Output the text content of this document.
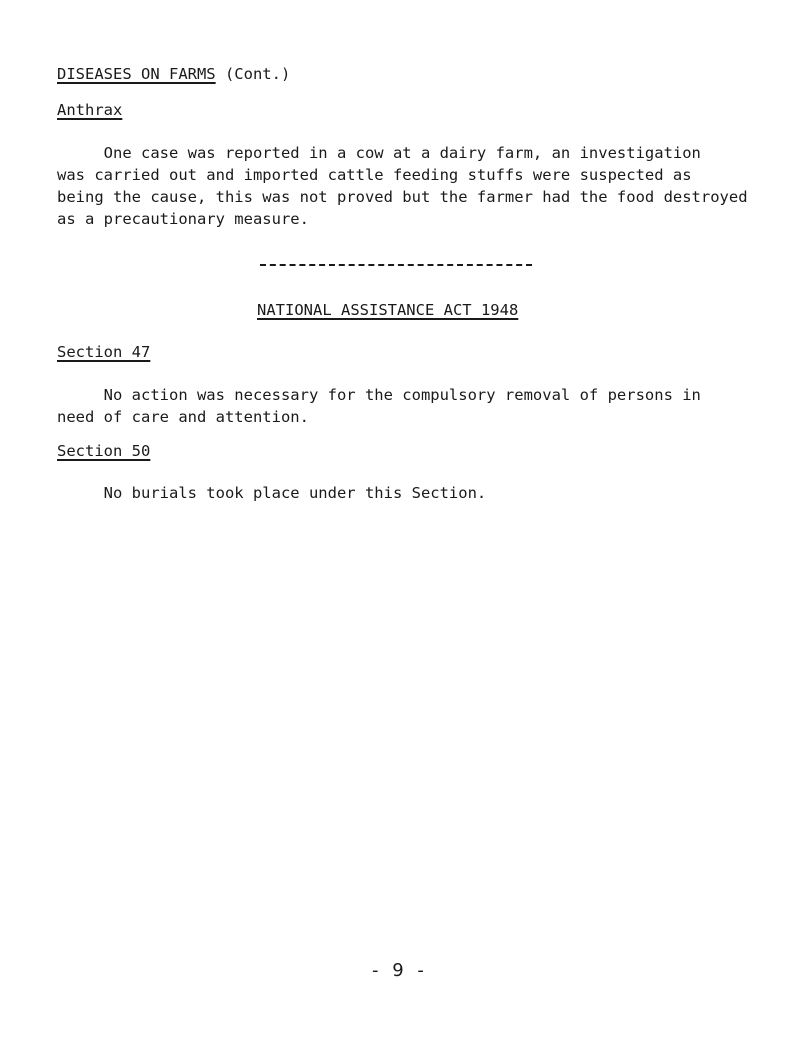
DISEASES ON FARMS (Cont.)
Anthrax

One case was reported in a cow at a dairy farm, an investigation
was carried out and imported cattle feeding stuffs were suspected as
being the cause, this was not proved but the farmer had the food destroyed
as a precautionary measure.

NATIONAL ASSISTANCE ACT 1948
Section 47

No action was necessary for the compulsory removal of persons in
need of care and attention.

Section 50

No burials took place under this Section.

- 9 -
